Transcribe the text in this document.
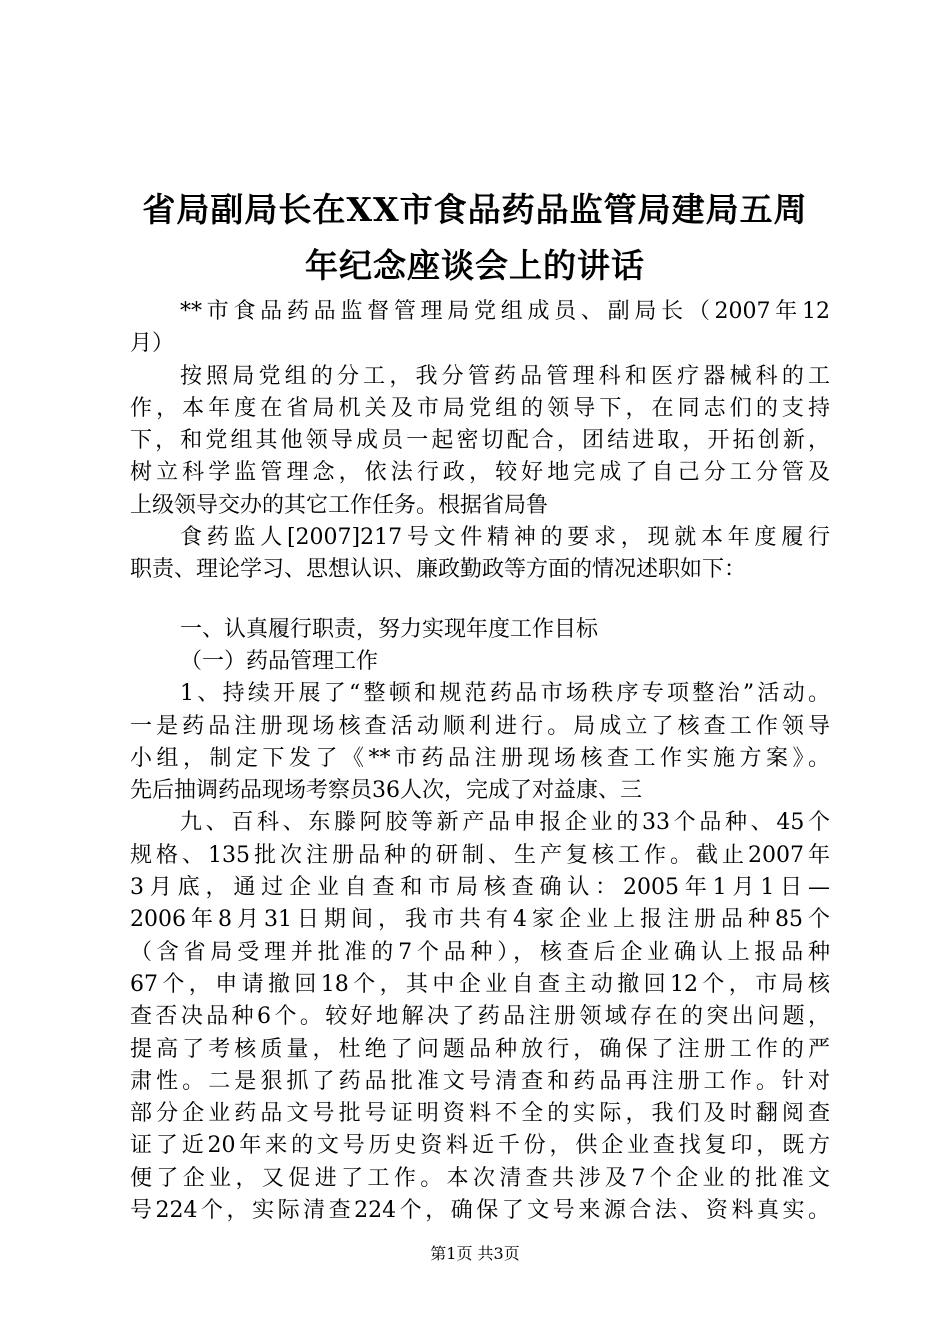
省局副局长在XX市食品药品监管局建局五周
年纪念座谈会上的讲话
**市食品药品监督管理局党组成员、副局长（2007年12
月）
按照局党组的分工，我分管药品管理科和医疗器械科的工
作，本年度在省局机关及市局党组的领导下，在同志们的支持
下，和党组其他领导成员一起密切配合，团结进取，开拓创新，
树立科学监管理念，依法行政，较好地完成了自己分工分管及
上级领导交办的其它工作任务。根据省局鲁
食药监人[2007]217号文件精神的要求，现就本年度履行
职责、理论学习、思想认识、廉政勤政等方面的情况述职如下：
一、认真履行职责，努力实现年度工作目标
（一）药品管理工作
1、持续开展了“整顿和规范药品市场秩序专项整治”活动。
一是药品注册现场核查活动顺利进行。局成立了核查工作领导
小组，制定下发了《**市药品注册现场核查工作实施方案》。
先后抽调药品现场考察员36人次，完成了对益康、三
九、百科、东滕阿胶等新产品申报企业的33个品种、45个
规格、135批次注册品种的研制、生产复核工作。截止2007年
3月底，通过企业自查和市局核查确认：2005年1月1日—
2006年8月31日期间，我市共有4家企业上报注册品种85个
（含省局受理并批准的7个品种），核查后企业确认上报品种
67个，申请撤回18个，其中企业自查主动撤回12个，市局核
查否决品种6个。较好地解决了药品注册领域存在的突出问题，
提高了考核质量，杜绝了问题品种放行，确保了注册工作的严
肃性。二是狠抓了药品批准文号清查和药品再注册工作。针对
部分企业药品文号批号证明资料不全的实际，我们及时翻阅查
证了近20年来的文号历史资料近千份，供企业查找复印，既方
便了企业，又促进了工作。本次清查共涉及7个企业的批准文
号224个，实际清查224个，确保了文号来源合法、资料真实。
第1页 共3页
